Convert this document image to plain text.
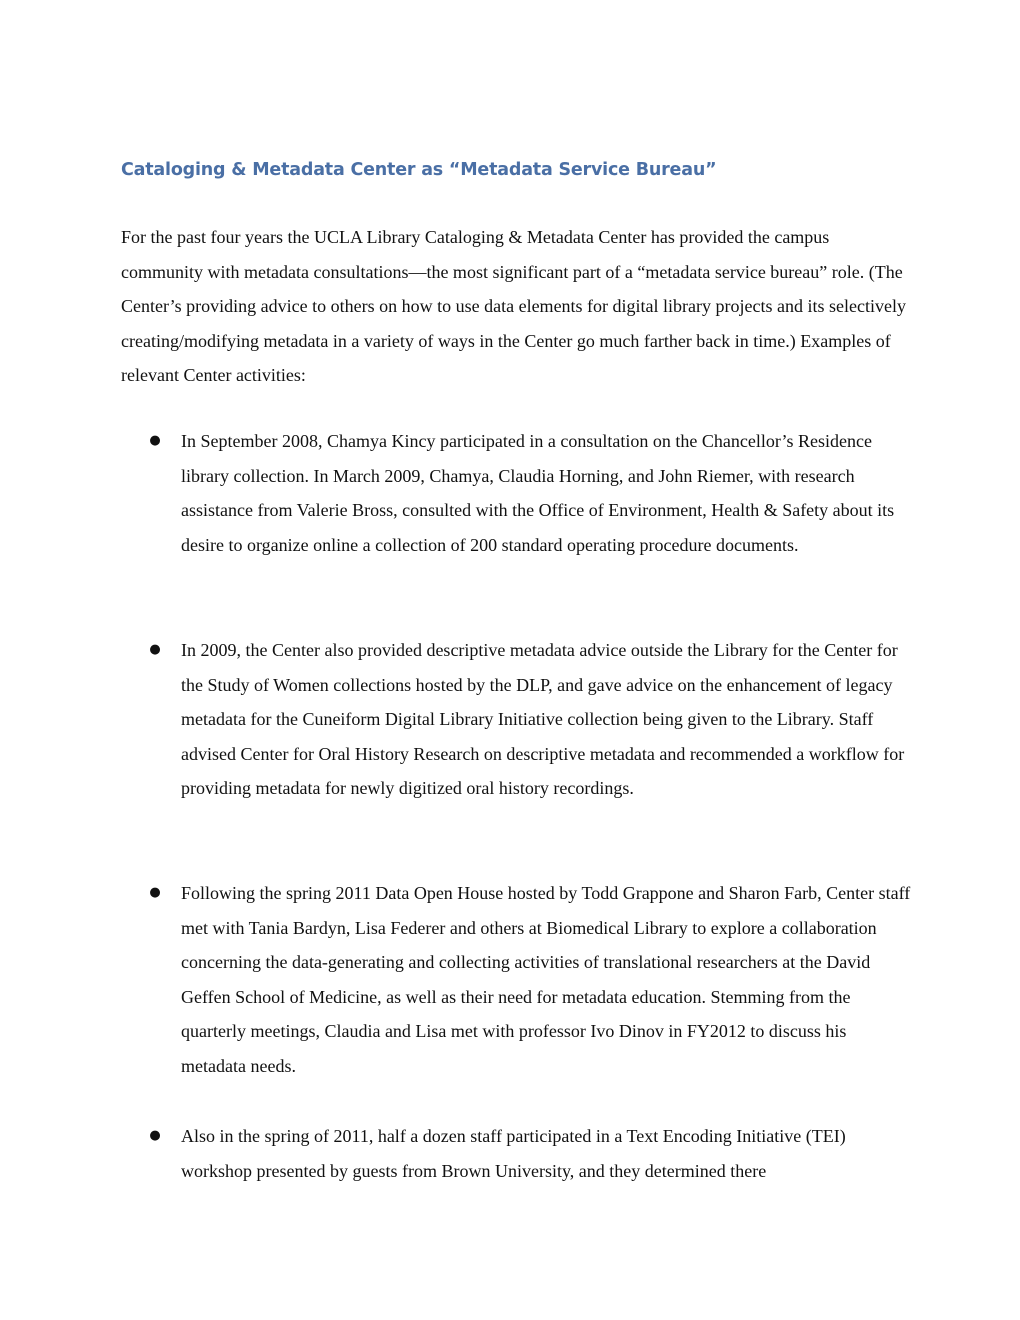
Cataloging & Metadata Center as “Metadata Service Bureau”

For the past four years the UCLA Library Cataloging & Metadata Center has provided the campus community with metadata consultations—the most significant part of a “metadata service bureau” role. (The Center’s providing advice to others on how to use data elements for digital library projects and its selectively creating/modifying metadata in a variety of ways in the Center go much farther back in time.) Examples of relevant Center activities:

● In September 2008, Chamya Kincy participated in a consultation on the Chancellor’s Residence library collection. In March 2009, Chamya, Claudia Horning, and John Riemer, with research assistance from Valerie Bross, consulted with the Office of Environment, Health & Safety about its desire to organize online a collection of 200 standard operating procedure documents.
● In 2009, the Center also provided descriptive metadata advice outside the Library for the Center for the Study of Women collections hosted by the DLP, and gave advice on the enhancement of legacy metadata for the Cuneiform Digital Library Initiative collection being given to the Library. Staff advised Center for Oral History Research on descriptive metadata and recommended a workflow for providing metadata for newly digitized oral history recordings.
● Following the spring 2011 Data Open House hosted by Todd Grappone and Sharon Farb, Center staff met with Tania Bardyn, Lisa Federer and others at Biomedical Library to explore a collaboration concerning the data-generating and collecting activities of translational researchers at the David Geffen School of Medicine, as well as their need for metadata education. Stemming from the quarterly meetings, Claudia and Lisa met with professor Ivo Dinov in FY2012 to discuss his metadata needs.
● Also in the spring of 2011, half a dozen staff participated in a Text Encoding Initiative (TEI) workshop presented by guests from Brown University, and they determined there
